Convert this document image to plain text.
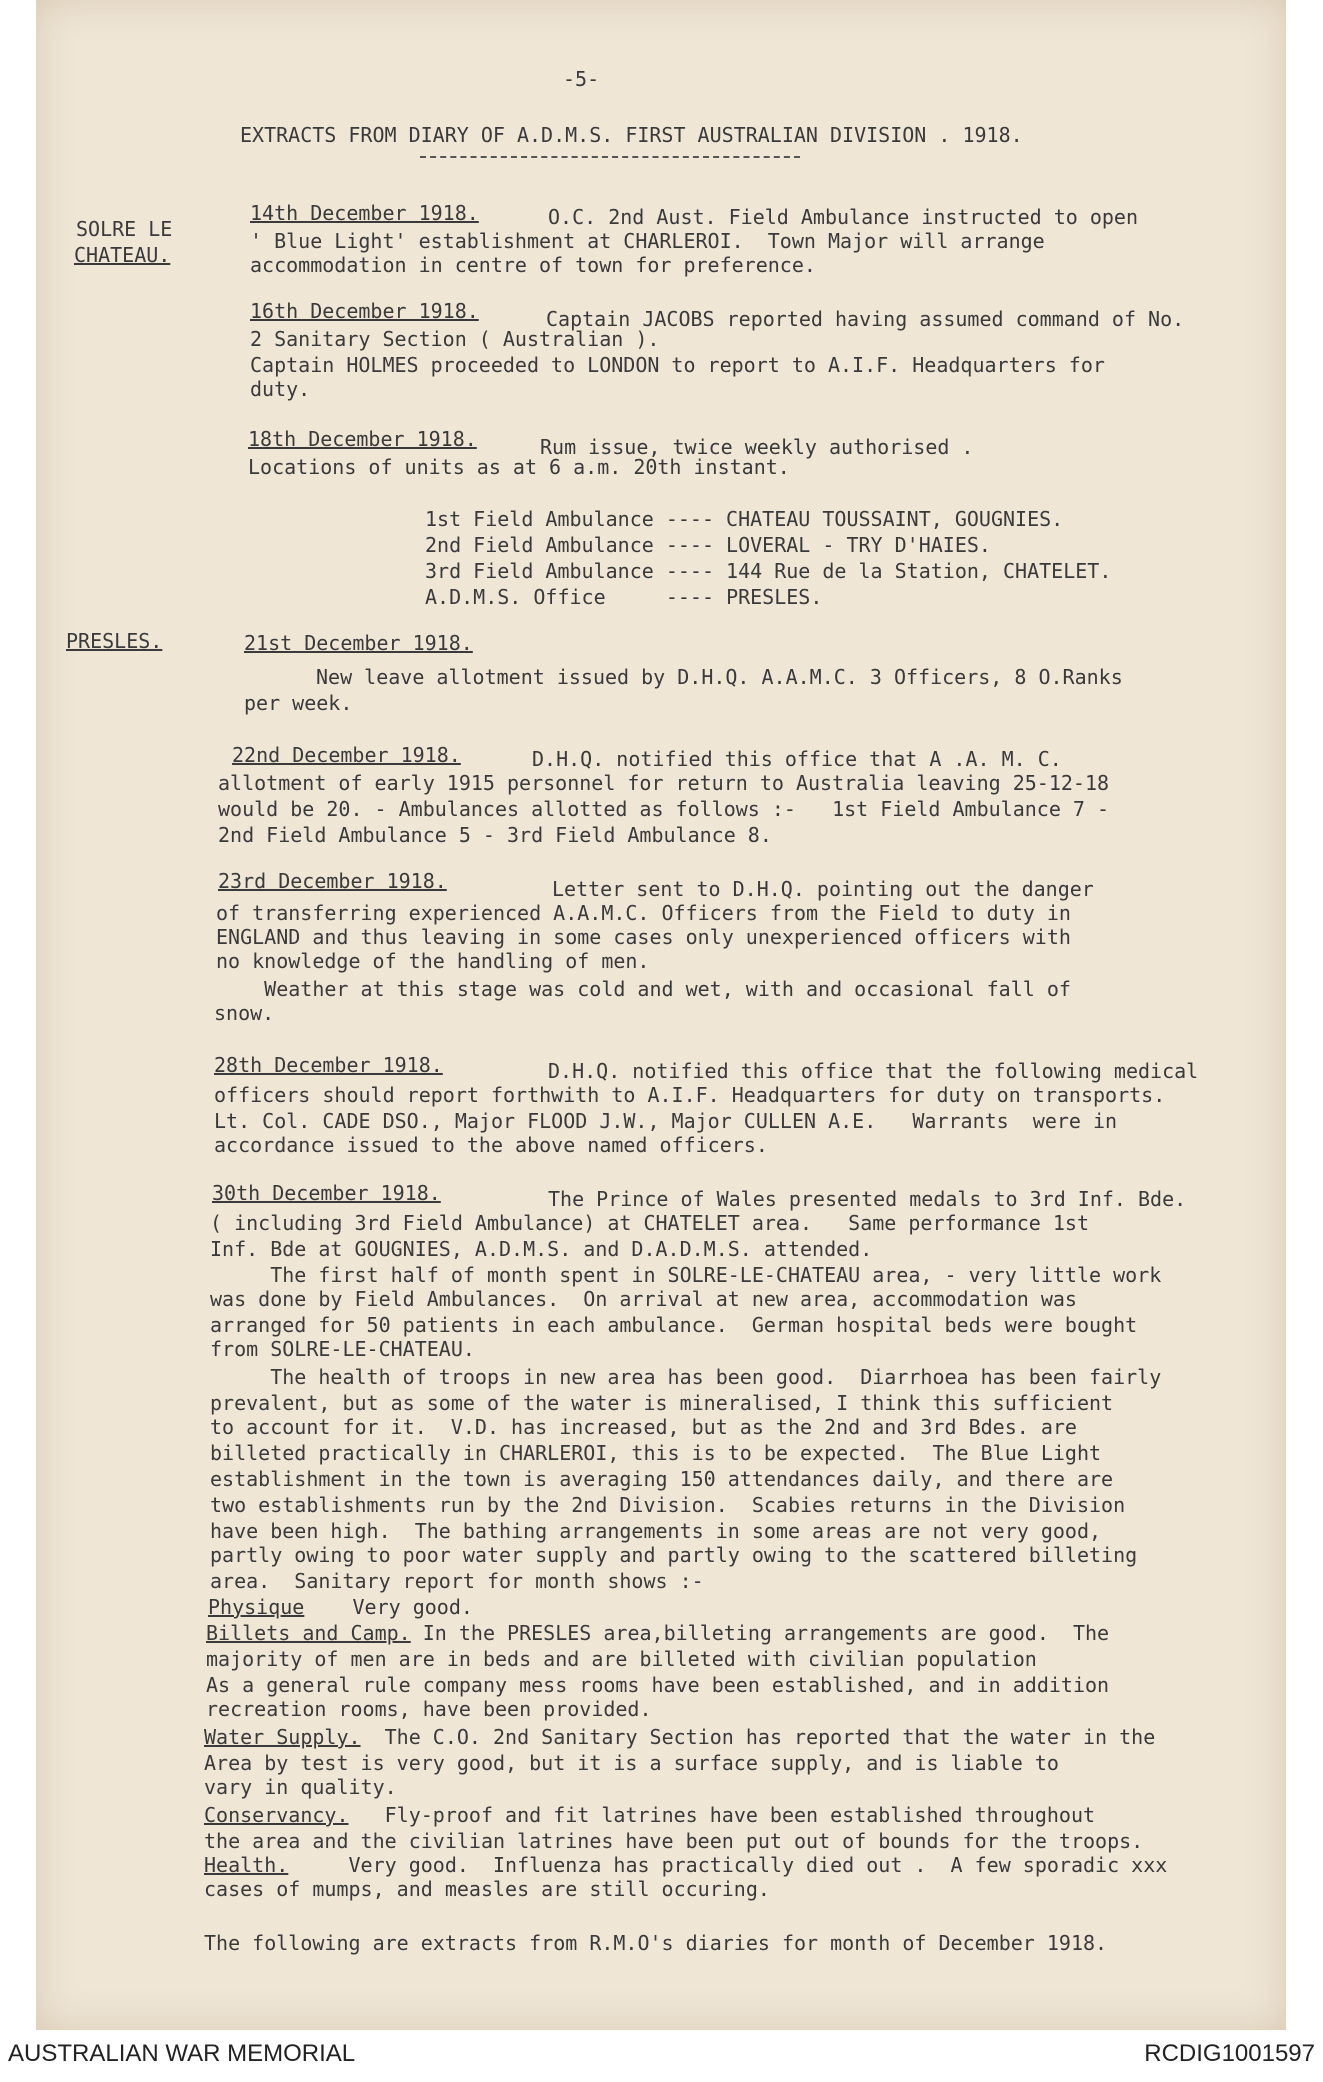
-5-
EXTRACTS FROM DIARY OF A.D.M.S. FIRST AUSTRALIAN DIVISION . 1918.
SOLRE LE
CHATEAU.
PRESLES.
14th December 1918.	O.C. 2nd Aust. Field Ambulance instructed to open
' Blue Light' establishment at CHARLEROI.  Town Major will arrange
accommodation in centre of town for preference.
16th December 1918.	Captain JACOBS reported having assumed command of No.
2 Sanitary Section ( Australian ).
Captain HOLMES proceeded to LONDON to report to A.I.F. Headquarters for
duty.
18th December 1918.	Rum issue, twice weekly authorised .
Locations of units as at 6 a.m. 20th instant.
1st Field Ambulance ---- CHATEAU TOUSSAINT, GOUGNIES.
2nd Field Ambulance ---- LOVERAL - TRY D'HAIES.
3rd Field Ambulance ---- 144 Rue de la Station, CHATELET.
A.D.M.S. Office	---- PRESLES.
21st December 1918.
New leave allotment issued by D.H.Q. A.A.M.C. 3 Officers, 8 O.Ranks
per week.
22nd December 1918.	D.H.Q. notified this office that A .A. M. C.
allotment of early 1915 personnel for return to Australia leaving 25-12-18
would be 20. - Ambulances allotted as follows :-   1st Field Ambulance 7 -
2nd Field Ambulance 5 - 3rd Field Ambulance 8.
23rd December 1918.	Letter sent to D.H.Q. pointing out the danger
of transferring experienced A.A.M.C. Officers from the Field to duty in
ENGLAND and thus leaving in some cases only unexperienced officers with
no knowledge of the handling of men.
Weather at this stage was cold and wet, with and occasional fall of
snow.
28th December 1918.	D.H.Q. notified this office that the following medical
officers should report forthwith to A.I.F. Headquarters for duty on transports.
Lt. Col. CADE DSO., Major FLOOD J.W., Major CULLEN A.E.   Warrants  were in
accordance issued to the above named officers.
30th December 1918.	The Prince of Wales presented medals to 3rd Inf. Bde.
( including 3rd Field Ambulance) at CHATELET area.   Same performance 1st
Inf. Bde at GOUGNIES, A.D.M.S. and D.A.D.M.S. attended.
The first half of month spent in SOLRE-LE-CHATEAU area, - very little work
was done by Field Ambulances.  On arrival at new area, accommodation was
arranged for 50 patients in each ambulance.  German hospital beds were bought
from SOLRE-LE-CHATEAU.
The health of troops in new area has been good.  Diarrhoea has been fairly
prevalent, but as some of the water is mineralised, I think this sufficient
to account for it.  V.D. has increased, but as the 2nd and 3rd Bdes. are
billeted practically in CHARLEROI, this is to be expected.  The Blue Light
establishment in the town is averaging 150 attendances daily, and there are
two establishments run by the 2nd Division.  Scabies returns in the Division
have been high.  The bathing arrangements in some areas are not very good,
partly owing to poor water supply and partly owing to the scattered billeting
area.  Sanitary report for month shows :-
Physique    Very good.
Billets and Camp. In the PRESLES area,billeting arrangements are good.  The
majority of men are in beds and are billeted with civilian population
As a general rule company mess rooms have been established, and in addition
recreation rooms, have been provided.
Water Supply.  The C.O. 2nd Sanitary Section has reported that the water in the
Area by test is very good, but it is a surface supply, and is liable to
vary in quality.
Conservancy.   Fly-proof and fit latrines have been established throughout
the area and the civilian latrines have been put out of bounds for the troops.
Health.     Very good.  Influenza has practically died out .  A few sporadic xxx
cases of mumps, and measles are still occuring.
The following are extracts from R.M.O's diaries for month of December 1918.
AUSTRALIAN WAR MEMORIAL	RCDIG1001597
